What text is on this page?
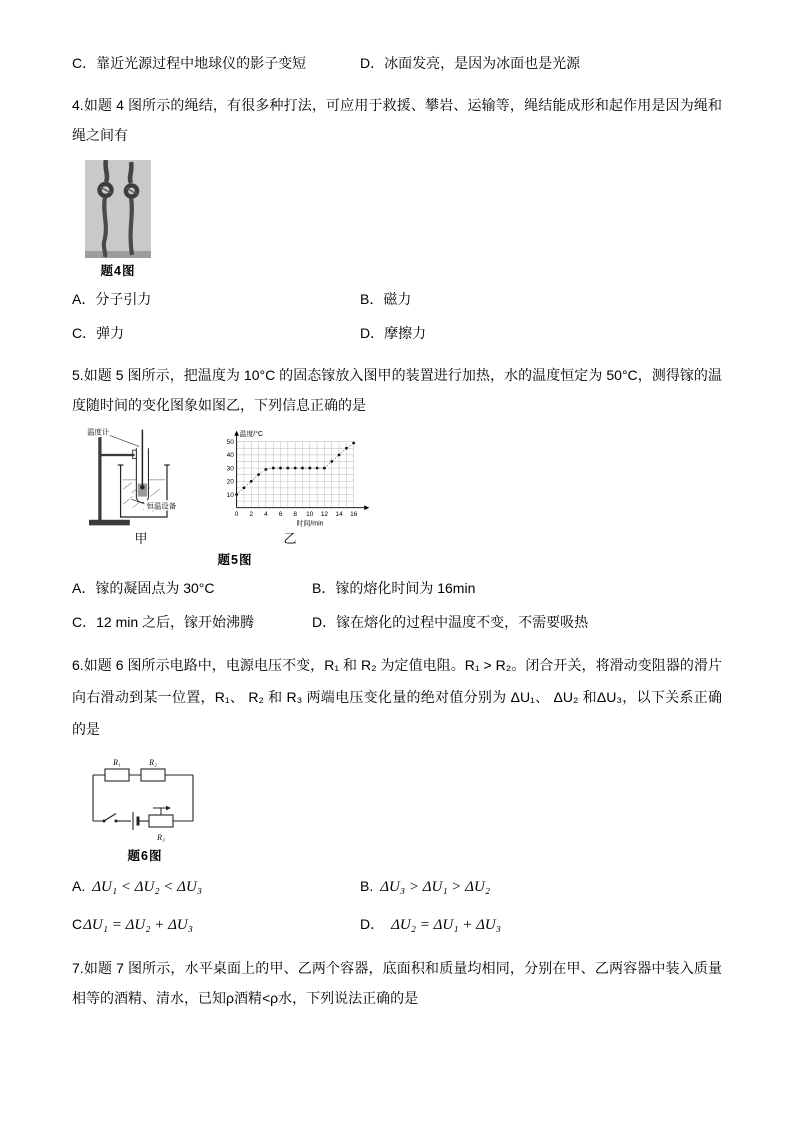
C．靠近光源过程中地球仪的影子变短	D．冰面发亮，是因为冰面也是光源

4.如题 4 图所示的绳结，有很多种打法，可应用于救援、攀岩、运输等，绳结能成形和起作用是因为绳和绳之间有

题4图
A．分子引力	B．磁力
C．弹力	D．摩擦力

5.如题 5 图所示，把温度为 10°C 的固态镓放入图甲的装置进行加热，水的温度恒定为 50°C，测得镓的温度随时间的变化图象如图乙，下列信息正确的是

温度计
恒温设备
甲
10
20
30
40
50
0 2 4 6 8 10 12 14 16
温度/°C
时间/min
乙
题5图
A．镓的凝固点为 30°C	B．镓的熔化时间为 16min
C．12 min 之后，镓开始沸腾	D．镓在熔化的过程中温度不变，不需要吸热

6.如题 6 图所示电路中，电源电压不变，R₁ 和 R₂ 为定值电阻。R₁ > R₂。闭合开关，将滑动变阻器的滑片向右滑动到某一位置，R₁、 R₂ 和 R₃ 两端电压变化量的绝对值分别为 ΔU₁、 ΔU₂ 和ΔU₃，以下关系正确的是

R₁	R₂
R₃
题6图
A. ΔU₁ < ΔU₂ < ΔU₃	B. ΔU₃ > ΔU₁ > ΔU₂
CΔU₁ = ΔU₂ + ΔU₃	D． ΔU₂ = ΔU₁ + ΔU₃

7.如题 7 图所示，水平桌面上的甲、乙两个容器，底面积和质量均相同，分别在甲、乙两容器中装入质量相等的酒精、清水，已知ρ酒精<ρ水，下列说法正确的是
